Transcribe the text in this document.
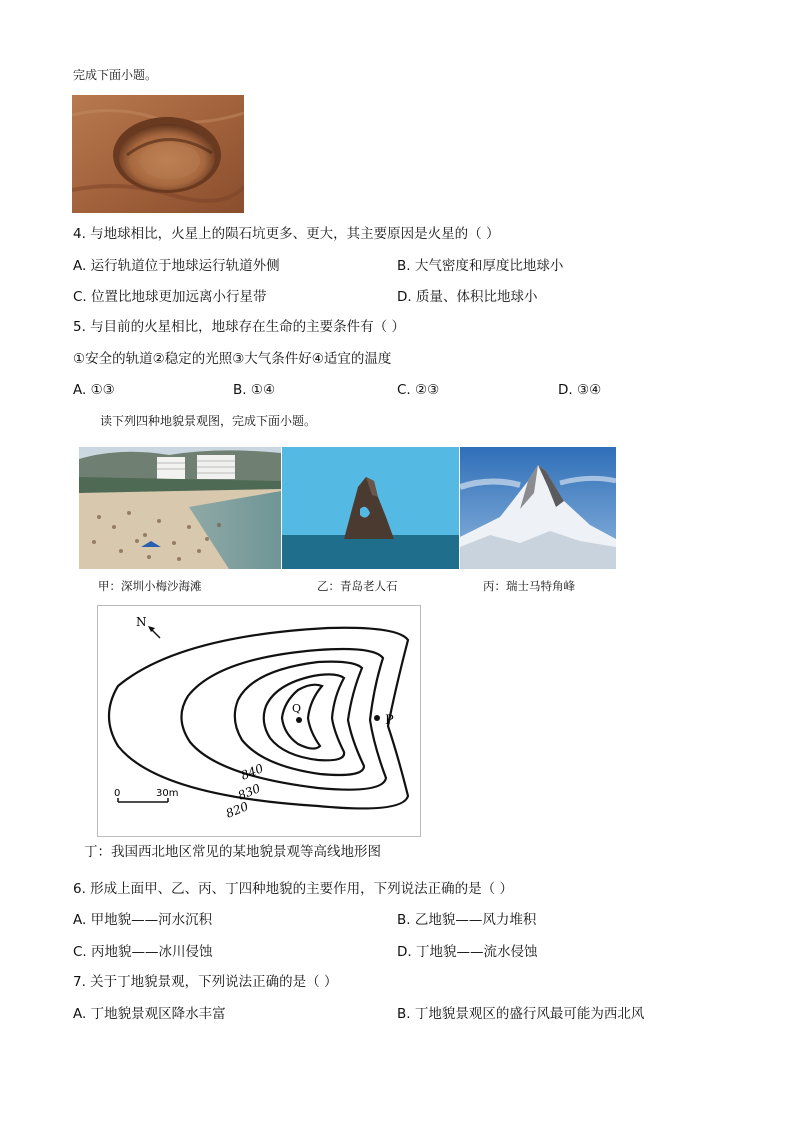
完成下面小题。
4. 与地球相比，火星上的陨石坑更多、更大，其主要原因是火星的（ ）
A. 运行轨道位于地球运行轨道外侧	B. 大气密度和厚度比地球小
C. 位置比地球更加远离小行星带	D. 质量、体积比地球小
5. 与目前的火星相比，地球存在生命的主要条件有（ ）
①安全的轨道②稳定的光照③大气条件好④适宜的温度
A. ①③	B. ①④	C. ②③	D. ③④
读下列四种地貌景观图，完成下面小题。
甲：深圳小梅沙海滩	乙：青岛老人石	丙：瑞士马特角峰
N
Q
P
840
830
820
0	30m
丁：我国西北地区常见的某地貌景观等高线地形图
6. 形成上面甲、乙、丙、丁四种地貌的主要作用，下列说法正确的是（ ）
A. 甲地貌——河水沉积	B. 乙地貌——风力堆积
C. 丙地貌——冰川侵蚀	D. 丁地貌——流水侵蚀
7. 关于丁地貌景观，下列说法正确的是（ ）
A. 丁地貌景观区降水丰富	B. 丁地貌景观区的盛行风最可能为西北风
